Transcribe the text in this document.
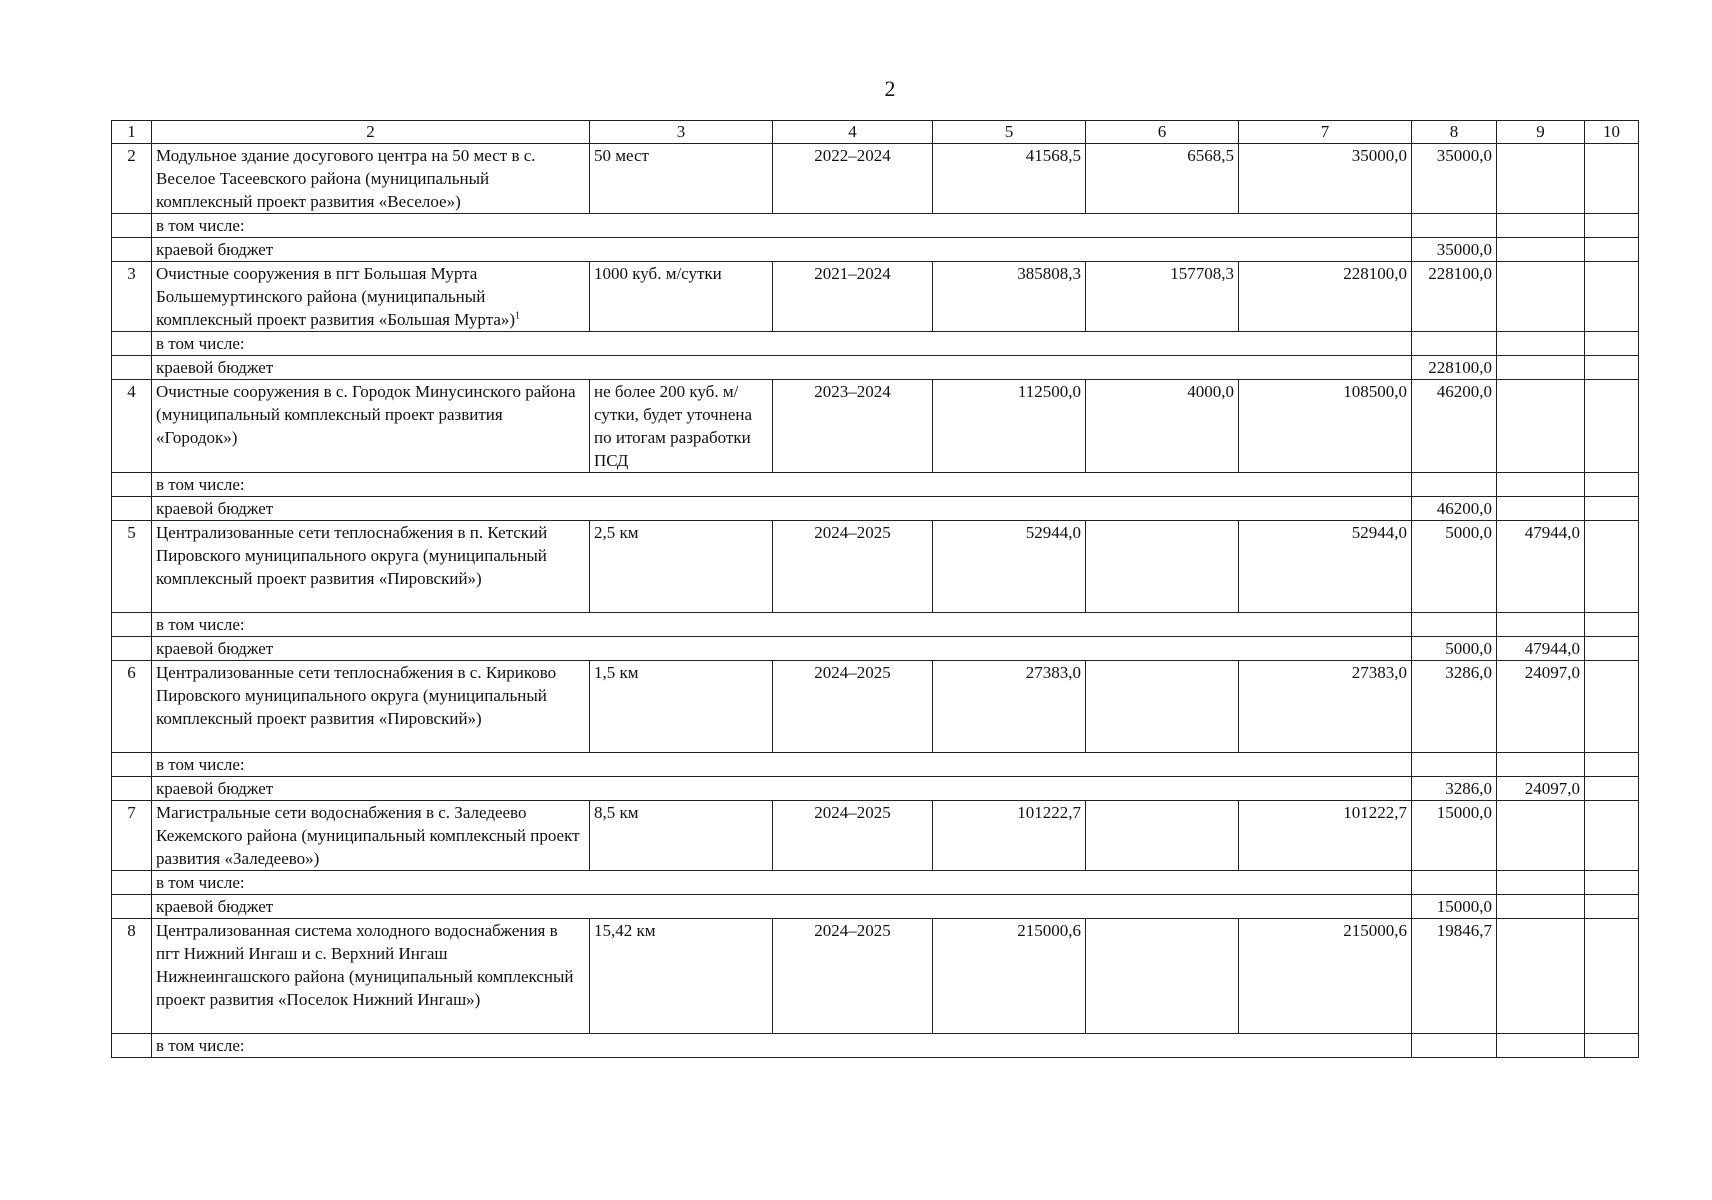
2
1	2	3	4	5	6	7	8	9	10
2	Модульное здание досугового центра на 50 мест в с. Веселое Тасеевского района (муниципальный комплексный проект развития «Веселое»)	50 мест	2022–2024	41568,5	6568,5	35000,0	35000,0		
	в том числе:								
	краевой бюджет						35000,0		
3	Очистные сооружения в пгт Большая Мурта Большемуртинского района (муниципальный комплексный проект развития «Большая Мурта»)$^1$	1000 куб. м/сутки	2021–2024	385808,3	157708,3	228100,0	228100,0		
	в том числе:								
	краевой бюджет						228100,0		
4	Очистные сооружения в с. Городок Минусинского района (муниципальный комплексный проект развития «Городок»)	не более 200 куб. м/сутки, будет уточнена по итогам разработки ПСД	2023–2024	112500,0	4000,0	108500,0	46200,0		
	в том числе:								
	краевой бюджет						46200,0		
5	Централизованные сети теплоснабжения в п. Кетский Пировского муниципального округа (муниципальный комплексный проект развития «Пировский»)	2,5 км	2024–2025	52944,0		52944,0	5000,0	47944,0	
	в том числе:								
	краевой бюджет						5000,0	47944,0	
6	Централизованные сети теплоснабжения в с. Кириково Пировского муниципального округа (муниципальный комплексный проект развития «Пировский»)	1,5 км	2024–2025	27383,0		27383,0	3286,0	24097,0	
	в том числе:								
	краевой бюджет						3286,0	24097,0	
7	Магистральные сети водоснабжения в с. Заледеево Кежемского района (муниципальный комплексный проект развития «Заледеево»)	8,5 км	2024–2025	101222,7		101222,7	15000,0		
	в том числе:								
	краевой бюджет						15000,0		
8	Централизованная система холодного водоснабжения в пгт Нижний Ингаш и с. Верхний Ингаш Нижнеингашского района (муниципальный комплексный проект развития «Поселок Нижний Ингаш»)	15,42 км	2024–2025	215000,6		215000,6	19846,7		
	в том числе:								
